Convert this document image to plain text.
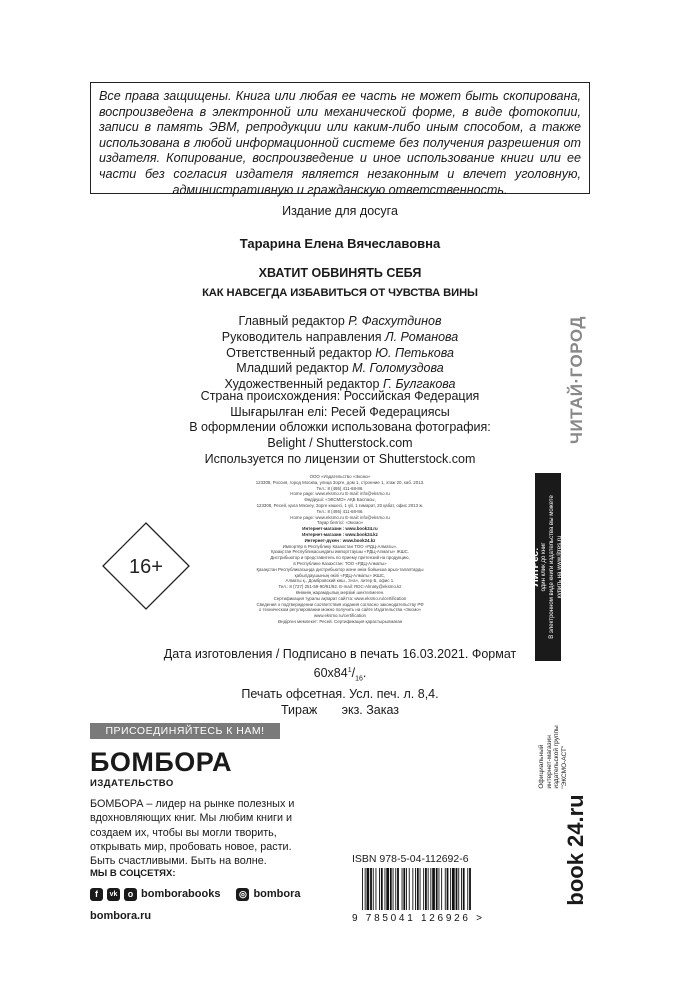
Все права защищены. Книга или любая ее часть не может быть скопирована, воспроизведена в электронной или механической форме, в виде фотокопии, записи в память ЭВМ, репродукции или каким-либо иным способом, а также использована в любой информационной системе без получения разрешения от издателя. Копирование, воспроизведение и иное использование книги или ее части без согласия издателя является незаконным и влечет уголовную, административную и гражданскую ответственность.
Издание для досуга
Тарарина Елена Вячеславовна
ХВАТИТ ОБВИНЯТЬ СЕБЯ
КАК НАВСЕГДА ИЗБАВИТЬСЯ ОТ ЧУВСТВА ВИНЫ
Главный редактор Р. Фасхутдинов
Руководитель направления Л. Романова
Ответственный редактор Ю. Петькова
Младший редактор М. Голомуздова
Художественный редактор Г. Булгакова
Страна происхождения: Российская Федерация
Шығарылған елі: Ресей Федерациясы
В оформлении обложки использована фотография:
Belight / Shutterstock.com
Используется по лицензии от Shutterstock.com
ООО «Издательство «Эксмо»
123308, Россия, город Москва, улица Зорге, дом 1, строение 1, этаж 20, каб. 2013.
Тел.: 8 (495) 411-68-86.
Home page: www.eksmo.ru E-mail: info@eksmo.ru
Өндіруші: «ЭКСМО» АҚБ Баспасы,
123308, Ресей, қала Мәскеу, Зорге көшесі, 1 үй, 1 ғимарат, 20 қабат, офис 2013 ж.
Тел.: 8 (495) 411-68-86.
Home page: www.eksmo.ru E-mail: info@eksmo.ru
Тауар белгісі: «Эксмо»
Интернет-магазин : www.book24.ru
Интернет-магазин : www.book24.kz
Интернет-дүкен : www.book24.kz
Импортёр в Республику Казахстан ТОО «РДЦ-Алматы».
Қазақстан Республикасындағы импорттаушы «РДЦ-Алматы» ЖШС.
Дистрибьютор и представитель по приему претензий на продукцию,
в Республике Казахстан: ТОО «РДЦ-Алматы»
Қазақстан Республикасында дистрибьютор және өнім бойынша арыз-талаптарды
қабылдаушының өкілі «РДЦ-Алматы» ЖШС,
Алматы қ., Домбровский көш., 3«а», литер Б, офис 1.
Тел.: 8 (727) 251-59-90/91/92. E-mail: RDC-Almaty@eksmo.kz
Өнімнің жарамдылық мерзімі шектелмеген.
Сертификация туралы ақпарат сайтта: www.eksmo.ru/certification
Сведения о подтверждении соответствия издания согласно законодательству РФ
о техническом регулировании можно получить на сайте Издательства «Эксмо»
www.eksmo.ru/certification
Өндірген мемлекет: Ресей. Сертификация қарастырылмаған
16+
Дата изготовления / Подписано в печать 16.03.2021. Формат $60x84^1/_{16}$.
Печать офсетная. Усл. печ. л. 8,4.
Тираж       экз. Заказ
ПРИСОЕДИНЯЙТЕСЬ К НАМ!
БОМБОРА
ИЗДАТЕЛЬСТВО
БОМБОРА – лидер на рынке полезных и вдохновляющих книг. Мы любим книги и создаем их, чтобы вы могли творить, открывать мир, пробовать новое, расти. Быть счастливыми. Быть на волне.
МЫ В СОЦСЕТЯХ:
f	vk	o bomborabooks ◎ bombora
bombora.ru
ISBN 978-5-04-112692-6
9 785041 126926 >
ЛитРес: один клик до книг В электронном виде книги издательства вы можете купить на www.litres.ru
ЧИТАЙ·ГОРОД
Официальный интернет-магазин издательской группы "ЭКСМО-АСТ"
book 24.ru
